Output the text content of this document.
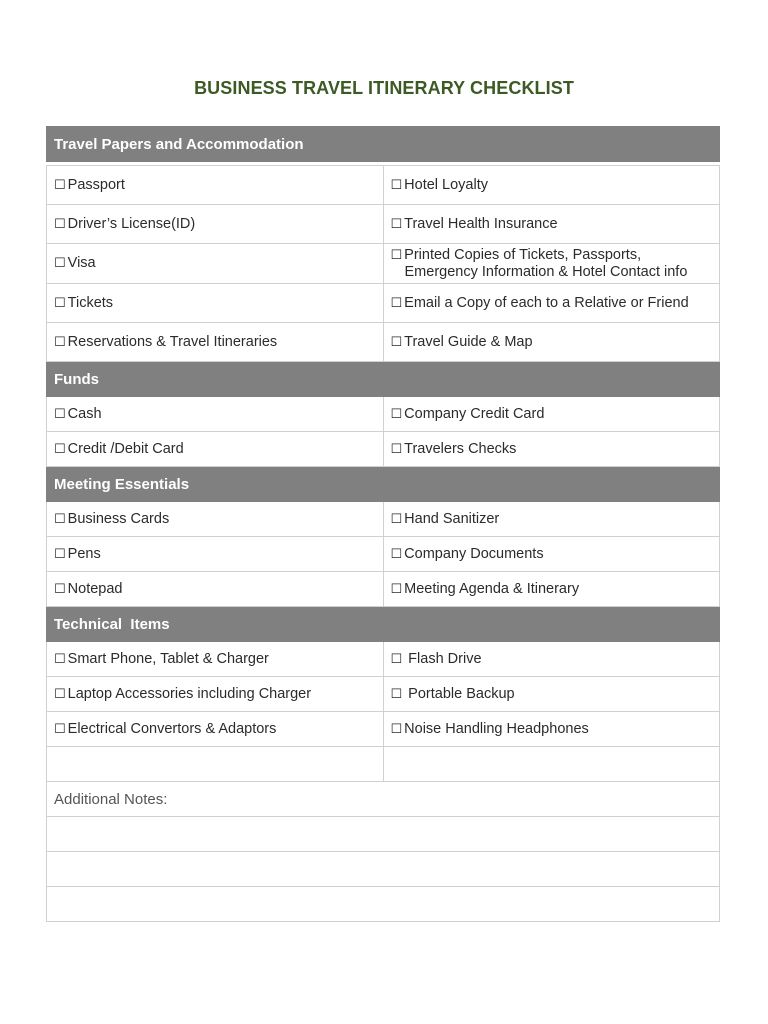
BUSINESS TRAVEL ITINERARY CHECKLIST
Travel Papers and Accommodation	

☐ Passport	☐ Hotel Loyalty
☐ Driver’s License(ID)	☐ Travel Health Insurance
☐ Visa	☐ Printed Copies of Tickets, Passports,
Emergency Information & Hotel Contact info

☐ Tickets	☐ Email a Copy of each to a Relative or Friend
☐ Reservations & Travel Itineraries	☐ Travel Guide & Map
Funds	
☐ Cash	☐ Company Credit Card
☐ Credit /Debit Card	☐ Travelers Checks
Meeting Essentials	
☐ Business Cards	☐ Hand Sanitizer
☐ Pens	☐ Company Documents
☐ Notepad	☐ Meeting Agenda & Itinerary
Technical  Items	
☐ Smart Phone, Tablet & Charger	☐ Flash Drive
☐ Laptop Accessories including Charger	☐ Portable Backup
☐ Electrical Convertors & Adaptors	☐ Noise Handling Headphones

Additional Notes:	
